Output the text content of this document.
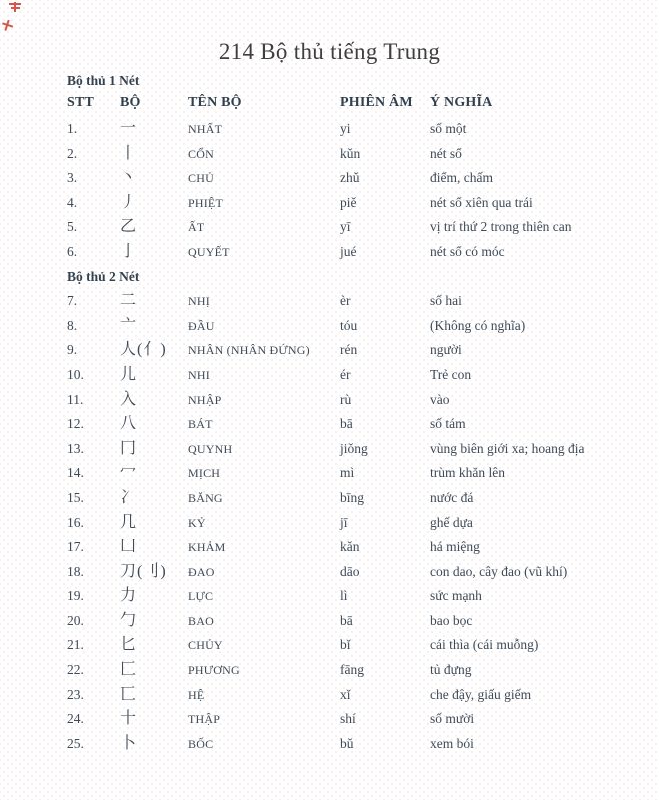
214 Bộ thủ tiếng Trung
Bộ thủ 1 Nét
STT	BỘ	TÊN BỘ	PHIÊN ÂM	Ý NGHĨA
1.	一	NHẤT	yi	số một
2.	丨	CỔN	kǔn	nét sổ
3.	丶	CHỦ	zhǔ	điểm, chấm
4.	丿	PHIỆT	piě	nét sổ xiên qua trái
5.	乙	ẤT	yī	vị trí thứ 2 trong thiên can
6.	亅	QUYẾT	jué	nét sổ có móc
Bộ thủ 2 Nét
7.	二	NHỊ	èr	số hai
8.	亠	ĐẦU	tóu	(Không có nghĩa)
9.	人(亻)	NHÂN (NHÂN ĐỨNG)	rén	người
10.	儿	NHI	ér	Trẻ con
11.	入	NHẬP	rù	vào
12.	八	BÁT	bā	số tám
13.	冂	QUYNH	jiǒng	vùng biên giới xa; hoang địa
14.	冖	MỊCH	mì	trùm khăn lên
15.	冫	BĂNG	bīng	nước đá
16.	几	KỶ	jī	ghế dựa
17.	凵	KHẢM	kǎn	há miệng
18.	刀(刂)	ĐAO	dāo	con dao, cây đao (vũ khí)
19.	力	LỰC	lì	sức mạnh
20.	勹	BAO	bā	bao bọc
21.	匕	CHỦY	bǐ	cái thìa (cái muỗng)
22.	匚	PHƯƠNG	fāng	tủ đựng
23.	匸	HỆ	xǐ	che đậy, giấu giếm
24.	十	THẬP	shí	số mười
25.	卜	BỐC	bǔ	xem bói
